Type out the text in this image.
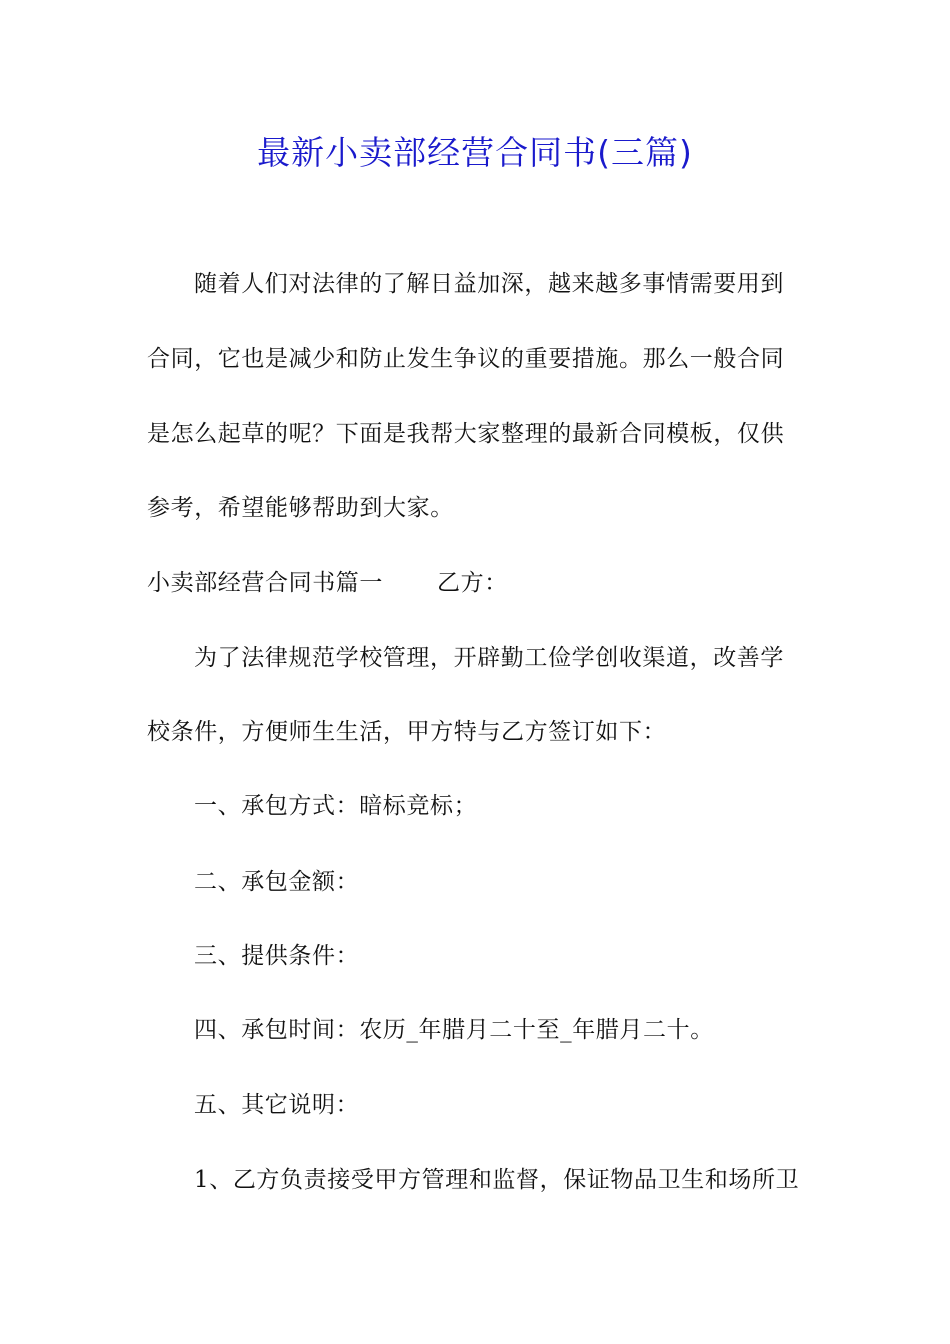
最新小卖部经营合同书(三篇)
随着人们对法律的了解日益加深，越来越多事情需要用到
合同，它也是减少和防止发生争议的重要措施。那么一般合同
是怎么起草的呢？下面是我帮大家整理的最新合同模板，仅供
参考，希望能够帮助到大家。
小卖部经营合同书篇一 乙方：
为了法律规范学校管理，开辟勤工俭学创收渠道，改善学
校条件，方便师生生活，甲方特与乙方签订如下：
一、承包方式：暗标竞标；
二、承包金额：
三、提供条件：
四、承包时间：农历_年腊月二十至_年腊月二十。
五、其它说明：
1、乙方负责接受甲方管理和监督，保证物品卫生和场所卫
